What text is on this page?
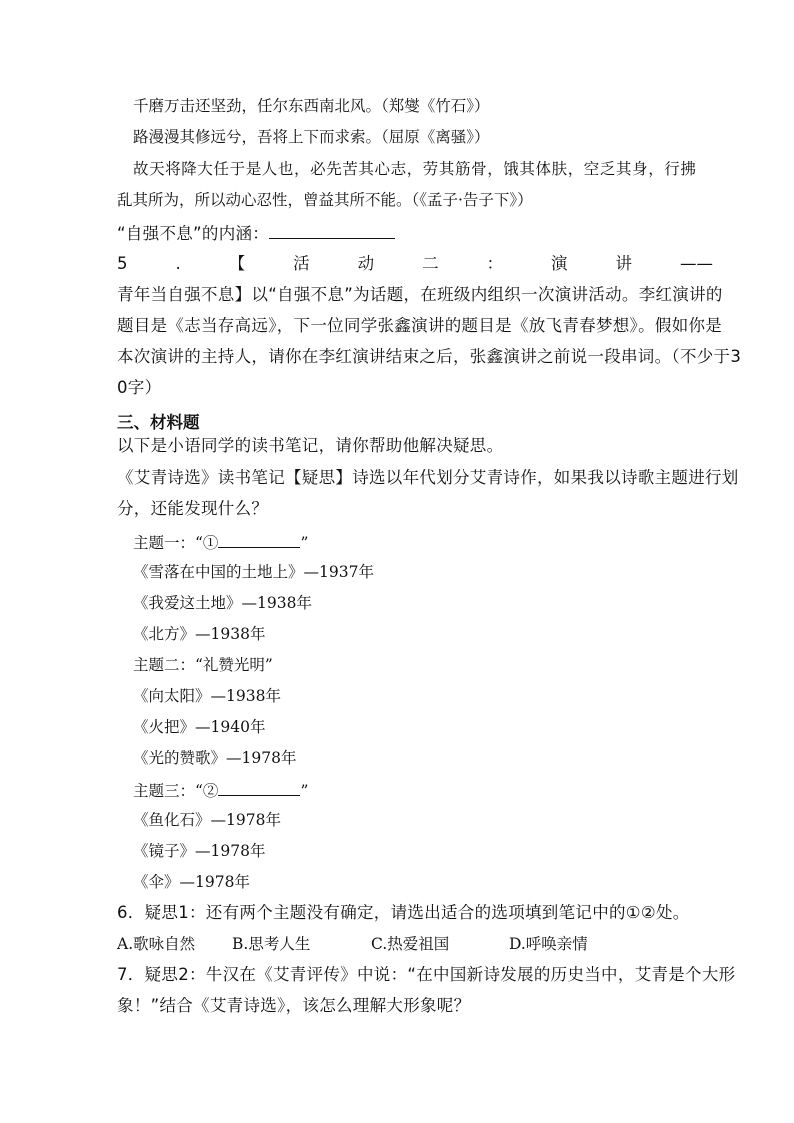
千磨万击还坚劲，任尔东西南北风。（郑燮《竹石》）
路漫漫其修远兮，吾将上下而求索。（屈原《离骚》）
故天将降大任于是人也，必先苦其心志，劳其筋骨，饿其体肤，空乏其身，行拂
乱其所为，所以动心忍性，曾益其所不能。（《孟子·告子下》）
“自强不息”的内涵：
5	.	【	活	动	二	：	演	讲	——
青年当自强不息】以“自强不息”为话题，在班级内组织一次演讲活动。李红演讲的
题目是《志当存高远》，下一位同学张鑫演讲的题目是《放飞青春梦想》。假如你是
本次演讲的主持人，请你在李红演讲结束之后，张鑫演讲之前说一段串词。（不少于3
0字）
三、材料题
以下是小语同学的读书笔记，请你帮助他解决疑思。
《艾青诗选》读书笔记【疑思】诗选以年代划分艾青诗作，如果我以诗歌主题进行划
分，还能发现什么？
主题一：“①	”
《雪落在中国的土地上》—1937年
《我爱这土地》—1938年
《北方》—1938年
主题二：“礼赞光明”
《向太阳》—1938年
《火把》—1940年
《光的赞歌》—1978年
主题三：“②	”
《鱼化石》—1978年
《镜子》—1978年
《伞》—1978年
6．疑思1：还有两个主题没有确定，请选出适合的选项填到笔记中的①②处。
A.歌咏自然 B.思考人生	C.热爱祖国	D.呼唤亲情
7．疑思2：牛汉在《艾青评传》中说：“在中国新诗发展的历史当中，艾青是个大形
象！”结合《艾青诗选》，该怎么理解大形象呢？
